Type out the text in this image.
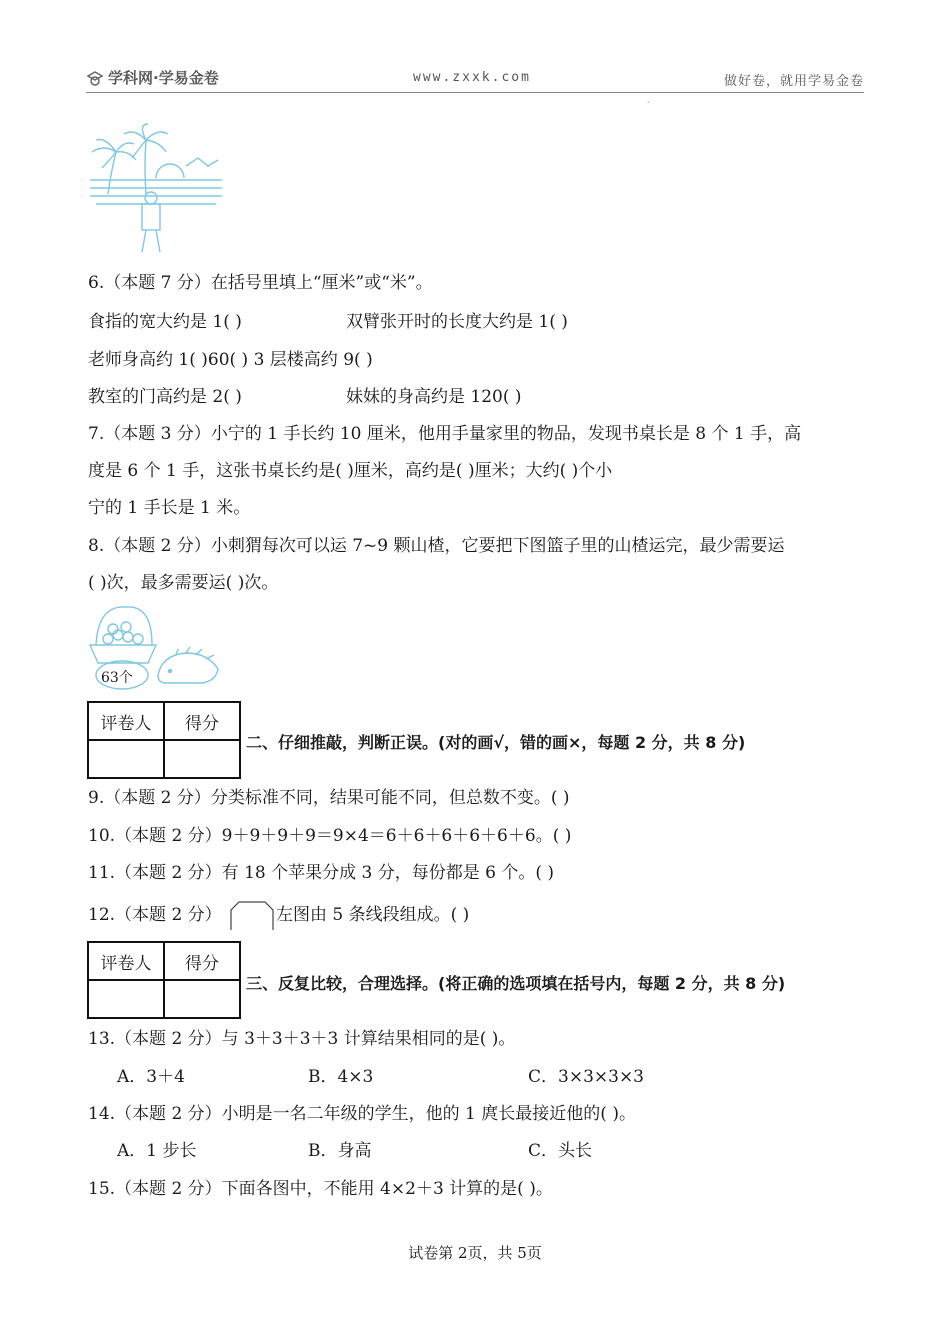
学科网·学易金卷	www.zxxk.com	做好卷，就用学易金卷
·
6.（本题 7 分）在括号里填上“厘米”或“米”。
食指的宽大约是 1( )	双臂张开时的长度大约是 1( )
老师身高约 1( )60( ) 3 层楼高约 9( )
教室的门高约是 2( )	妹妹的身高约是 120( )
7.（本题 3 分）小宁的 1 手长约 10 厘米，他用手量家里的物品，发现书桌长是 8 个 1 手，高
度是 6 个 1 手，这张书桌长约是( )厘米，高约是( )厘米；大约( )个小
宁的 1 手长是 1 米。
8.（本题 2 分）小刺猬每次可以运 7~9 颗山楂，它要把下图篮子里的山楂运完，最少需要运
( )次，最多需要运( )次。
63个
评卷人	得分

二、仔细推敲，判断正误。(对的画√，错的画×，每题 2 分，共 8 分)
9.（本题 2 分）分类标准不同，结果可能不同，但总数不变。( )
10.（本题 2 分）9＋9＋9＋9＝9×4＝6＋6＋6＋6＋6＋6。( )
11.（本题 2 分）有 18 个苹果分成 3 分，每份都是 6 个。( )
12.（本题 2 分）	左图由 5 条线段组成。( )
评卷人	得分

三、反复比较，合理选择。(将正确的选项填在括号内，每题 2 分，共 8 分)
13.（本题 2 分）与 3＋3＋3＋3 计算结果相同的是( )。
A．3＋4	B．4×3	C．3×3×3×3
14.（本题 2 分）小明是一名二年级的学生，他的 1 庹长最接近他的( )。
A．1 步长	B．身高	C．头长
15.（本题 2 分）下面各图中，不能用 4×2＋3 计算的是( )。
试卷第 2页，共 5页
